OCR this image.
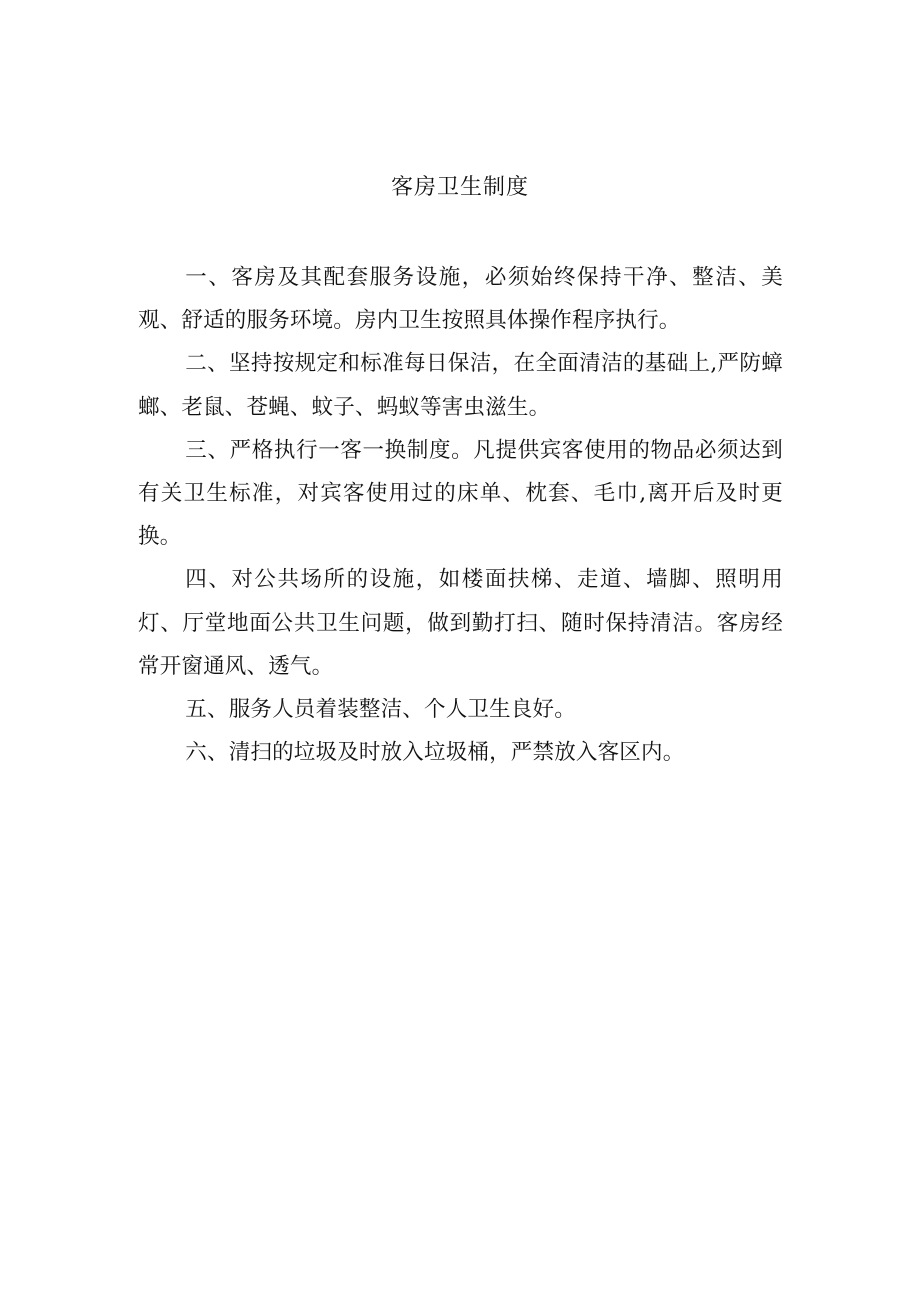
客房卫生制度

一、客房及其配套服务设施，必须始终保持干净、整洁、美观、舒适的服务环境。房内卫生按照具体操作程序执行。

二、坚持按规定和标准每日保洁，在全面清洁的基础上,严防蟑螂、老鼠、苍蝇、蚊子、蚂蚁等害虫滋生。

三、严格执行一客一换制度。凡提供宾客使用的物品必须达到有关卫生标准，对宾客使用过的床单、枕套、毛巾,离开后及时更换。

四、对公共场所的设施，如楼面扶梯、走道、墙脚、照明用灯、厅堂地面公共卫生问题，做到勤打扫、随时保持清洁。客房经常开窗通风、透气。

五、服务人员着装整洁、个人卫生良好。

六、清扫的垃圾及时放入垃圾桶，严禁放入客区内。
